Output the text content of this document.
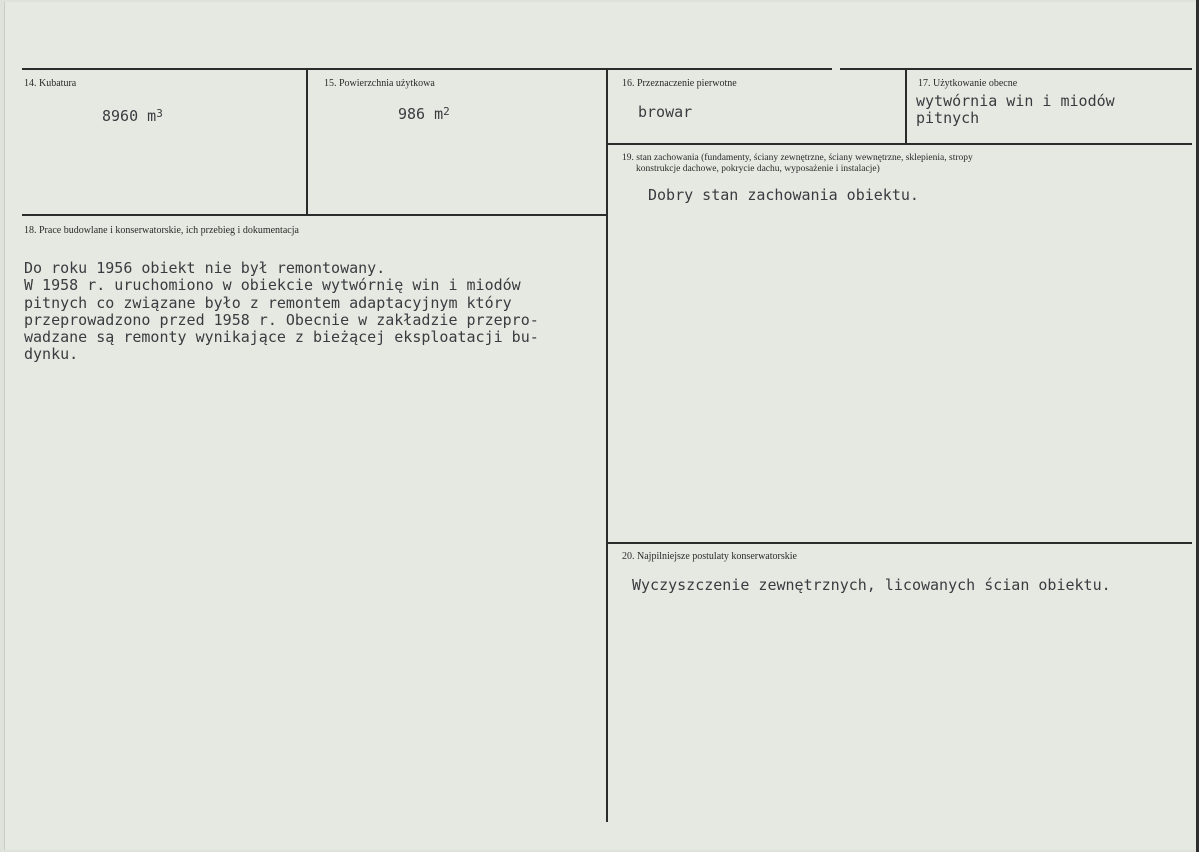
14. Kubatura
8960 $m^3$
15. Powierzchnia użytkowa
986 $m^2$
16. Przeznaczenie pierwotne
browar
17. Użytkowanie obecne
wytwórnia win i miodów
pitnych
18. Prace budowlane i konserwatorskie, ich przebieg i dokumentacja
Do roku 1956 obiekt nie był remontowany.
W 1958 r. uruchomiono w obiekcie wytwórnię win i miodów
pitnych co związane było z remontem adaptacyjnym który
przeprowadzono przed 1958 r. Obecnie w zakładzie przepro-
wadzane są remonty wynikające z bieżącej eksploatacji bu-
dynku.
19. stan zachowania (fundamenty, ściany zewnętrzne, ściany wewnętrzne, sklepienia, stropy
konstrukcje dachowe, pokrycie dachu, wyposażenie i instalacje)
Dobry stan zachowania obiektu.
20. Najpilniejsze postulaty konserwatorskie
Wyczyszczenie zewnętrznych, licowanych ścian obiektu.
